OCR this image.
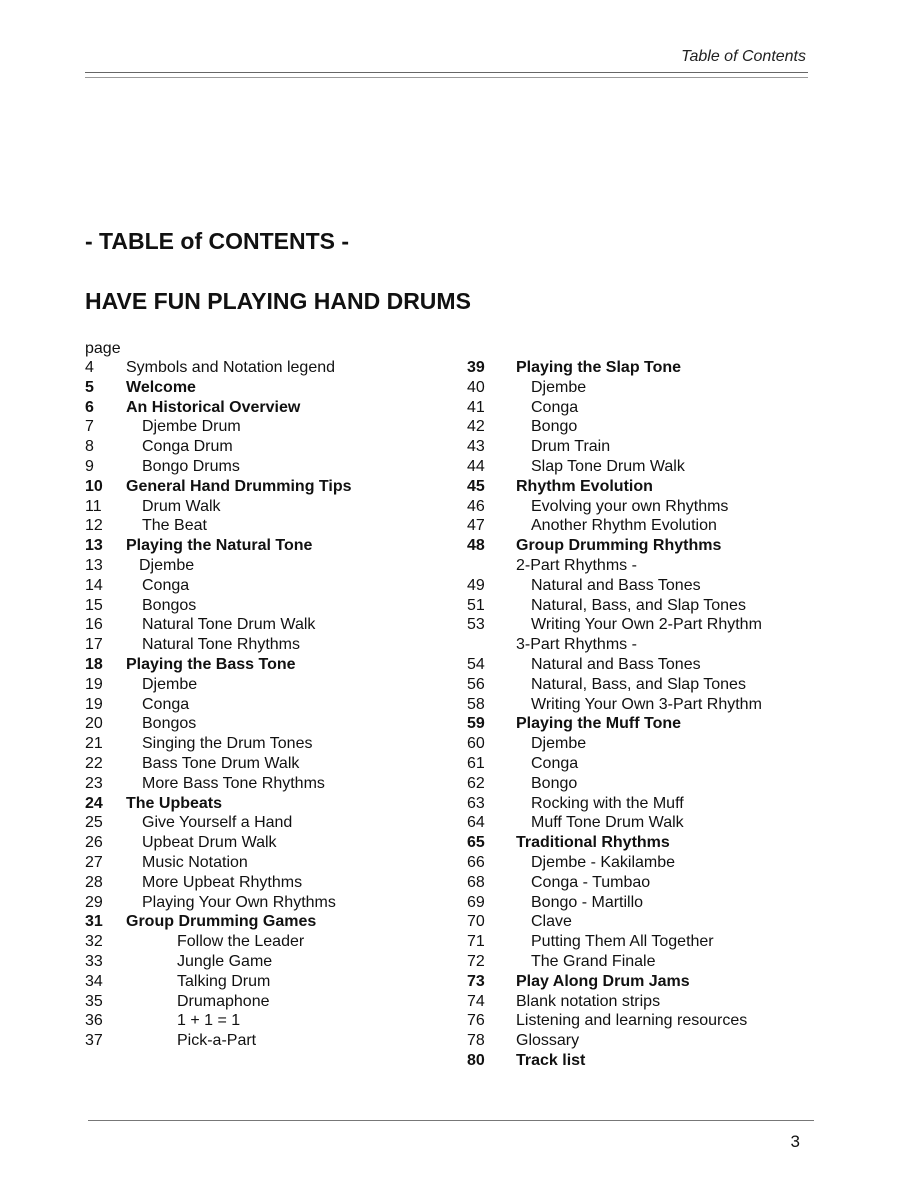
Table of Contents
- TABLE of CONTENTS -
HAVE FUN PLAYING HAND DRUMS
page
4	Symbols and Notation legend
5	Welcome
6	An Historical Overview
7	Djembe Drum
8	Conga Drum
9	Bongo Drums
10	General Hand Drumming Tips
11	Drum Walk
12	The Beat
13	Playing the Natural Tone
13	Djembe
14	Conga
15	Bongos
16	Natural Tone Drum Walk
17	Natural Tone Rhythms
18	Playing the Bass Tone
19	Djembe
19	Conga
20	Bongos
21	Singing the Drum Tones
22	Bass Tone Drum Walk
23	More Bass Tone Rhythms
24	The Upbeats
25	Give Yourself a Hand
26	Upbeat Drum Walk
27	Music Notation
28	More Upbeat Rhythms
29	Playing Your Own Rhythms
31	Group Drumming Games
32	Follow the Leader
33	Jungle Game
34	Talking Drum
35	Drumaphone
36	1 + 1 = 1
37	Pick-a-Part
39	Playing the Slap Tone
40	Djembe
41	Conga
42	Bongo
43	Drum Train
44	Slap Tone Drum Walk
45	Rhythm Evolution
46	Evolving your own Rhythms
47	Another Rhythm Evolution
48	Group Drumming Rhythms
2-Part Rhythms -
49	Natural and Bass Tones
51	Natural, Bass, and Slap Tones
53	Writing Your Own 2-Part Rhythm
3-Part Rhythms -
54	Natural and Bass Tones
56	Natural, Bass, and Slap Tones
58	Writing Your Own 3-Part Rhythm
59	Playing the Muff Tone
60	Djembe
61	Conga
62	Bongo
63	Rocking with the Muff
64	Muff Tone Drum Walk
65	Traditional Rhythms
66	Djembe - Kakilambe
68	Conga - Tumbao
69	Bongo - Martillo
70	Clave
71	Putting Them All Together
72	The Grand Finale
73	Play Along Drum Jams
74	Blank notation strips
76	Listening and learning resources
78	Glossary
80	Track list
3
